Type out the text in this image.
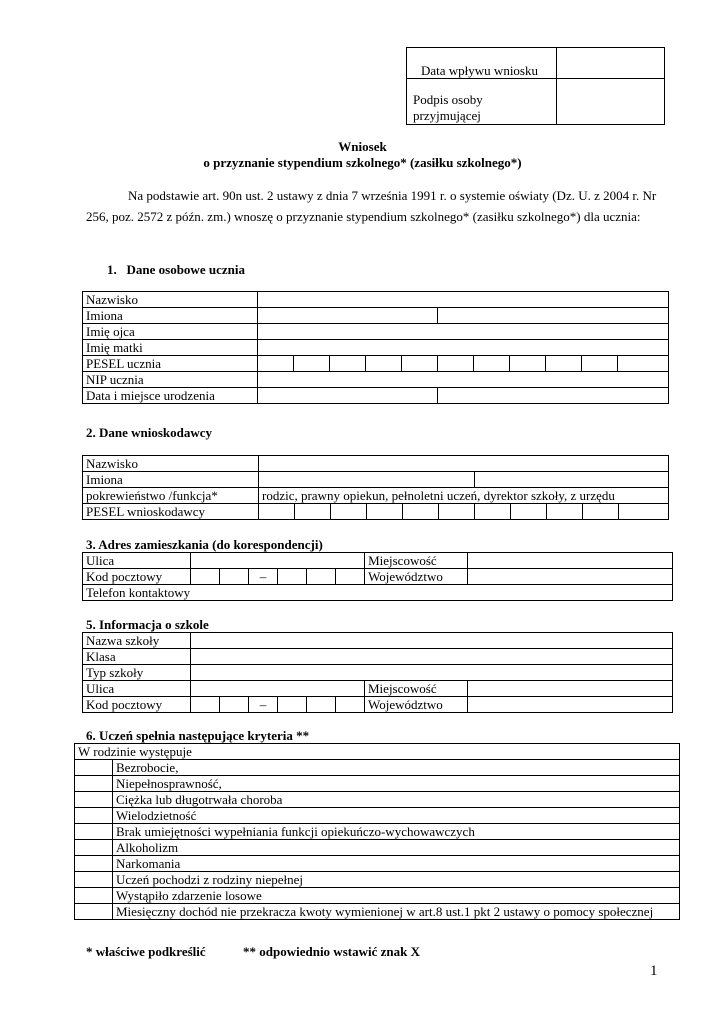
Data wpływu wniosku	
Podpis osoby przyjmującej	
Wniosek
o przyznanie stypendium szkolnego* (zasiłku szkolnego*)
Na podstawie art. 90n ust. 2 ustawy z dnia 7 września 1991 r. o systemie oświaty (Dz. U. z 2004 r. Nr 256, poz. 2572 z późn. zm.) wnoszę o przyznanie stypendium szkolnego* (zasiłku szkolnego*) dla ucznia:
1. Dane osobowe ucznia
Nazwisko											
Imiona											
Imię ojca											
Imię matki											
PESEL ucznia											
NIP ucznia											
Data i miejsce urodzenia											
2. Dane wnioskodawcy
Nazwisko											
Imiona											
pokrewieństwo /funkcja*	rodzic, prawny opiekun, pełnoletni uczeń, dyrektor szkoły, z urzędu										
PESEL wnioskodawcy											
3. Adres zamieszkania (do korespondencji)
Ulica							Miejscowość	
Kod pocztowy			–				Województwo	
Telefon kontaktowy								
5. Informacja o szkole
Nazwa szkoły								
Klasa								
Typ szkoły								
Ulica							Miejscowość	
Kod pocztowy			–				Województwo	
6. Uczeń spełnia następujące kryteria **
W rodzinie występuje	
	Bezrobocie,
	Niepełnosprawność,
	Ciężka lub długotrwała choroba
	Wielodzietność
	Brak umiejętności wypełniania funkcji opiekuńczo-wychowawczych
	Alkoholizm
	Narkomania
	Uczeń pochodzi z rodziny niepełnej
	Wystąpiło zdarzenie losowe
	Miesięczny dochód nie przekracza kwoty wymienionej w art.8 ust.1 pkt 2 ustawy o pomocy społecznej
* właściwe podkreślić	** odpowiednio wstawić znak X
1
